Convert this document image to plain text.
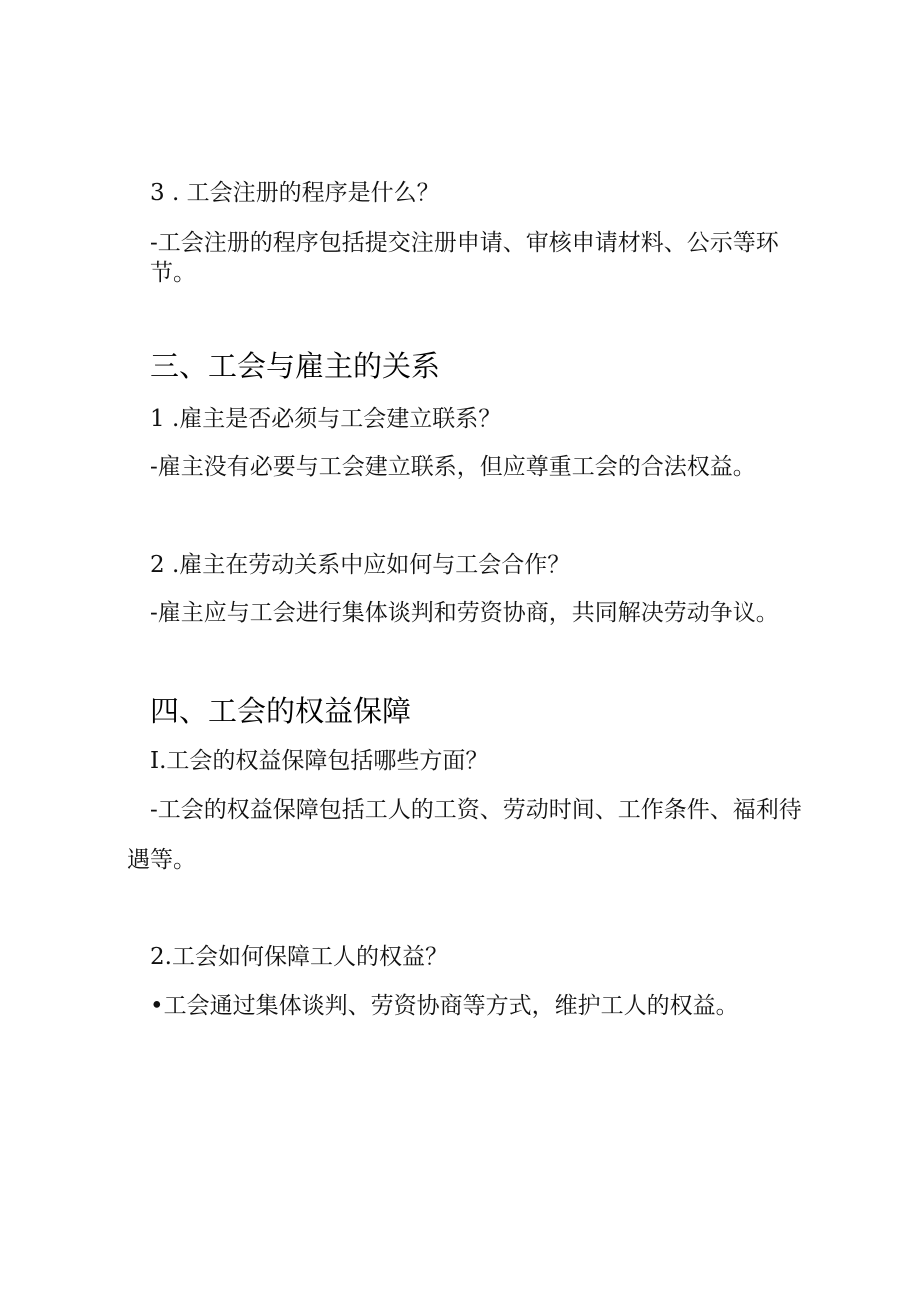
3 . 工会注册的程序是什么？
-工会注册的程序包括提交注册申请、审核申请材料、公示等环
节。
三、工会与雇主的关系
1 .雇主是否必须与工会建立联系？
-雇主没有必要与工会建立联系，但应尊重工会的合法权益。
2 .雇主在劳动关系中应如何与工会合作？
-雇主应与工会进行集体谈判和劳资协商，共同解决劳动争议。
四、工会的权益保障
I.工会的权益保障包括哪些方面？
-工会的权益保障包括工人的工资、劳动时间、工作条件、福利待
遇等。
2.工会如何保障工人的权益？
•工会通过集体谈判、劳资协商等方式，维护工人的权益。
